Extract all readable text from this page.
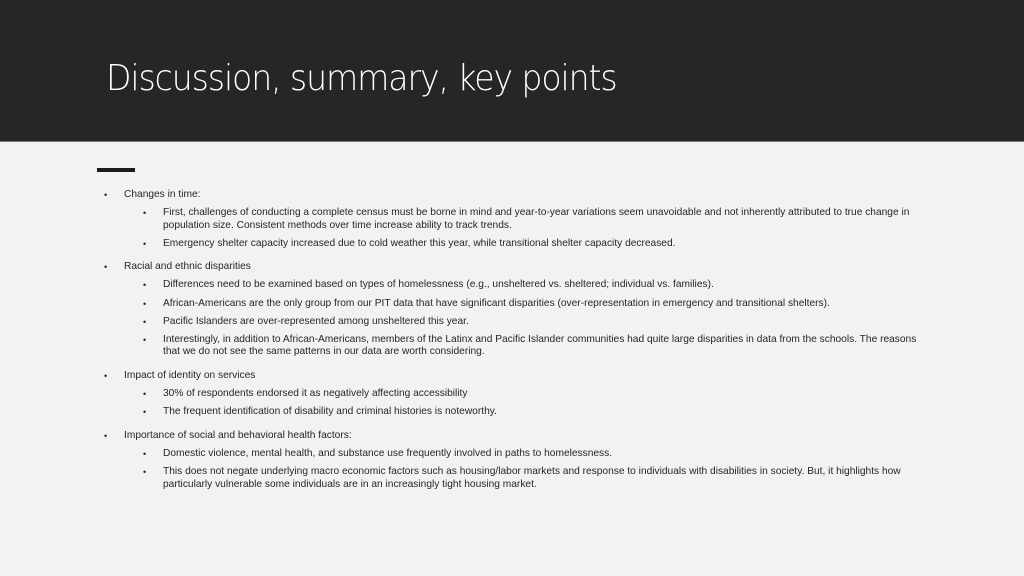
Discussion, summary, key points
• Changes in time:
• First, challenges of conducting a complete census must be borne in mind and year-to-year variations seem unavoidable and not inherently attributed to true change in population size. Consistent methods over time increase ability to track trends.
• Emergency shelter capacity increased due to cold weather this year, while transitional shelter capacity decreased.
• Racial and ethnic disparities
• Differences need to be examined based on types of homelessness (e.g., unsheltered vs. sheltered; individual vs. families).
• African-Americans are the only group from our PIT data that have significant disparities (over-representation in emergency and transitional shelters).
• Pacific Islanders are over-represented among unsheltered this year.
• Interestingly, in addition to African-Americans, members of the Latinx and Pacific Islander communities had quite large disparities in data from the schools. The reasons that we do not see the same patterns in our data are worth considering.
• Impact of identity on services
• 30% of respondents endorsed it as negatively affecting accessibility
• The frequent identification of disability and criminal histories is noteworthy.
• Importance of social and behavioral health factors:
• Domestic violence, mental health, and substance use frequently involved in paths to homelessness.
• This does not negate underlying macro economic factors such as housing/labor markets and response to individuals with disabilities in society. But, it highlights how particularly vulnerable some individuals are in an increasingly tight housing market.
